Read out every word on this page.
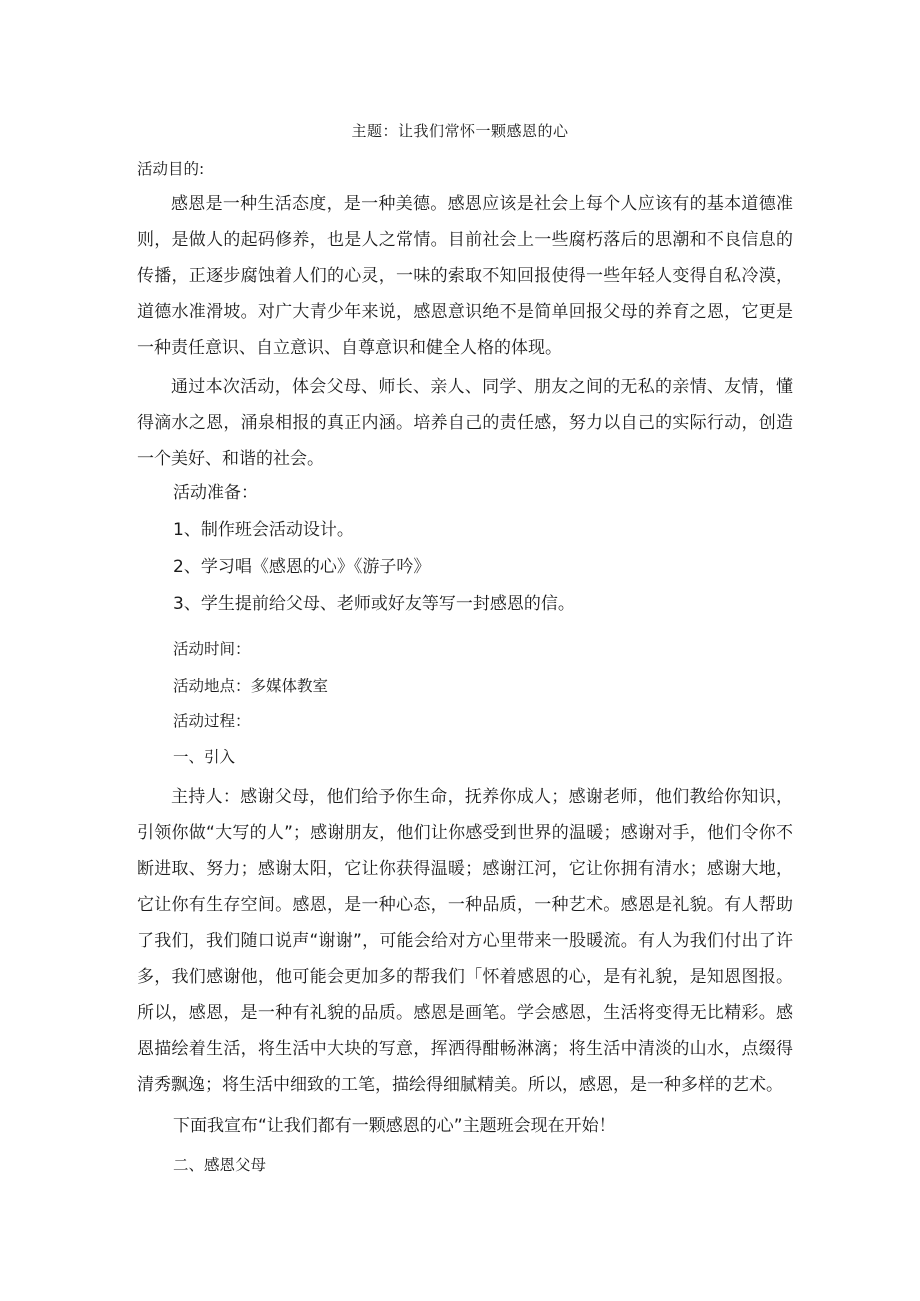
主题：让我们常怀一颗感恩的心
活动目的:
感恩是一种生活态度，是一种美德。感恩应该是社会上每个人应该有的基本道德准则，是做人的起码修养，也是人之常情。目前社会上一些腐朽落后的思潮和不良信息的传播，正逐步腐蚀着人们的心灵，一味的索取不知回报使得一些年轻人变得自私冷漠，道德水准滑坡。对广大青少年来说，感恩意识绝不是简单回报父母的养育之恩，它更是一种责任意识、自立意识、自尊意识和健全人格的体现。
通过本次活动，体会父母、师长、亲人、同学、朋友之间的无私的亲情、友情，懂得滴水之恩，涌泉相报的真正内涵。培养自己的责任感，努力以自己的实际行动，创造一个美好、和谐的社会。
活动准备：
1、制作班会活动设计。
2、学习唱《感恩的心》《游子吟》
3、学生提前给父母、老师或好友等写一封感恩的信。
活动时间：
活动地点：多媒体教室
活动过程：
一、引入
主持人：感谢父母，他们给予你生命，抚养你成人；感谢老师，他们教给你知识，引领你做“大写的人”；感谢朋友，他们让你感受到世界的温暖；感谢对手，他们令你不断进取、努力；感谢太阳，它让你获得温暖；感谢江河，它让你拥有清水；感谢大地，它让你有生存空间。感恩，是一种心态，一种品质，一种艺术。感恩是礼貌。有人帮助了我们，我们随口说声“谢谢”，可能会给对方心里带来一股暖流。有人为我们付出了许多，我们感谢他，他可能会更加多的帮我们「怀着感恩的心，是有礼貌，是知恩图报。所以，感恩，是一种有礼貌的品质。感恩是画笔。学会感恩，生活将变得无比精彩。感恩描绘着生活，将生活中大块的写意，挥洒得酣畅淋漓；将生活中清淡的山水，点缀得清秀飘逸；将生活中细致的工笔，描绘得细腻精美。所以，感恩，是一种多样的艺术。
下面我宣布“让我们都有一颗感恩的心”主题班会现在开始！
二、感恩父母
